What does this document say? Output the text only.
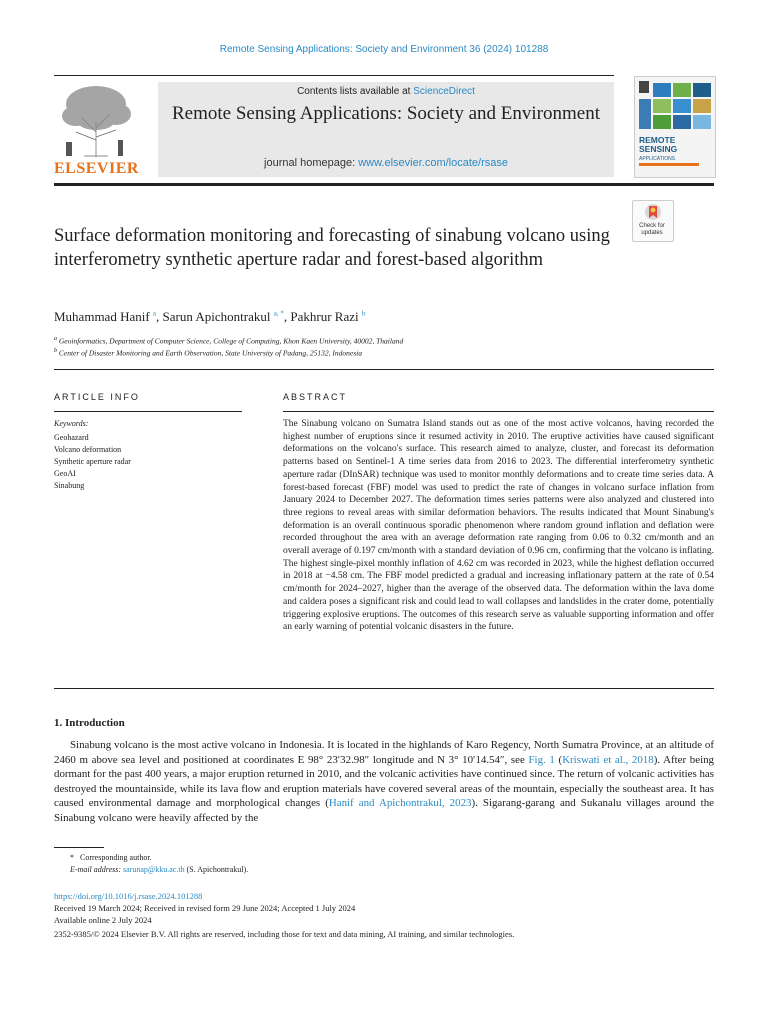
Remote Sensing Applications: Society and Environment 36 (2024) 101288
ELSEVIER
Contents lists available at ScienceDirect
Remote Sensing Applications: Society and Environment
journal homepage: www.elsevier.com/locate/rsase
REMOTE
SENSING
APPLICATIONS
Check for updates
Surface deformation monitoring and forecasting of sinabung volcano using interferometry synthetic aperture radar and forest-based algorithm
Muhammad Hanif $^a$, Sarun Apichontrakul $^{a, *}$, Pakhrur Razi $^b$
$^a$ Geoinformatics, Department of Computer Science, College of Computing, Khon Kaen University, 40002, Thailand
$^b$ Center of Disaster Monitoring and Earth Observation, State University of Padang, 25132, Indonesia
ARTICLE INFO
Keywords:
Geohazard
Volcano deformation
Synthetic aperture radar
GeoAI
Sinabung
ABSTRACT
The Sinabung volcano on Sumatra Island stands out as one of the most active volcanos, having recorded the highest number of eruptions since it resumed activity in 2010. The eruptive activities have caused significant deformations on the volcano's surface. This research aimed to analyze, cluster, and forecast its deformation patterns based on Sentinel-1 A time series data from 2016 to 2023. The differential interferometry synthetic aperture radar (DInSAR) technique was used to monitor monthly deformations and to create time series data. A forest-based forecast (FBF) model was used to predict the rate of changes in volcano surface inflation from January 2024 to December 2027. The deformation times series patterns were also analyzed and clustered into three regions to reveal areas with similar deformation behaviors. The results indicated that Mount Sinabung's deformation is an overall continuous sporadic phenomenon where random ground inflation and deflation were recorded throughout the area with an average deformation rate ranging from 0.06 to 0.32 cm/month and an overall average of 0.197 cm/month with a standard deviation of 0.96 cm, confirming that the volcano is inflating. The highest single-pixel monthly inflation of 4.62 cm was recorded in 2023, while the highest deflation occurred in 2018 at −4.58 cm. The FBF model predicted a gradual and increasing inflationary pattern at the rate of 0.54 cm/month for 2024–2027, higher than the average of the observed data. The deformation within the lava dome and caldera poses a significant risk and could lead to wall collapses and landslides in the crater dome, potentially triggering explosive eruptions. The outcomes of this research serve as valuable supporting information and offer an early warning of potential volcanic disasters in the future.
1. Introduction
Sinabung volcano is the most active volcano in Indonesia. It is located in the highlands of Karo Regency, North Sumatra Province, at an altitude of 2460 m above sea level and positioned at coordinates E 98° 23′32.98″ longitude and N 3° 10′14.54″, see Fig. 1 (Kriswati et al., 2018). After being dormant for the past 400 years, a major eruption returned in 2010, and the volcanic activities have continued since. The return of volcanic activities has destroyed the mountainside, while its lava flow and eruption materials have covered several areas of the mountain, especially the southeast area. It has caused environmental damage and morphological changes (Hanif and Apichontrakul, 2023). Sigarang-garang and Sukanalu villages around the Sinabung volcano were heavily affected by the
* Corresponding author.
E-mail address: sarunap@kku.ac.th (S. Apichontrakul).
https://doi.org/10.1016/j.rsase.2024.101288
Received 19 March 2024; Received in revised form 29 June 2024; Accepted 1 July 2024
Available online 2 July 2024
2352-9385/© 2024 Elsevier B.V. All rights are reserved, including those for text and data mining, AI training, and similar technologies.
